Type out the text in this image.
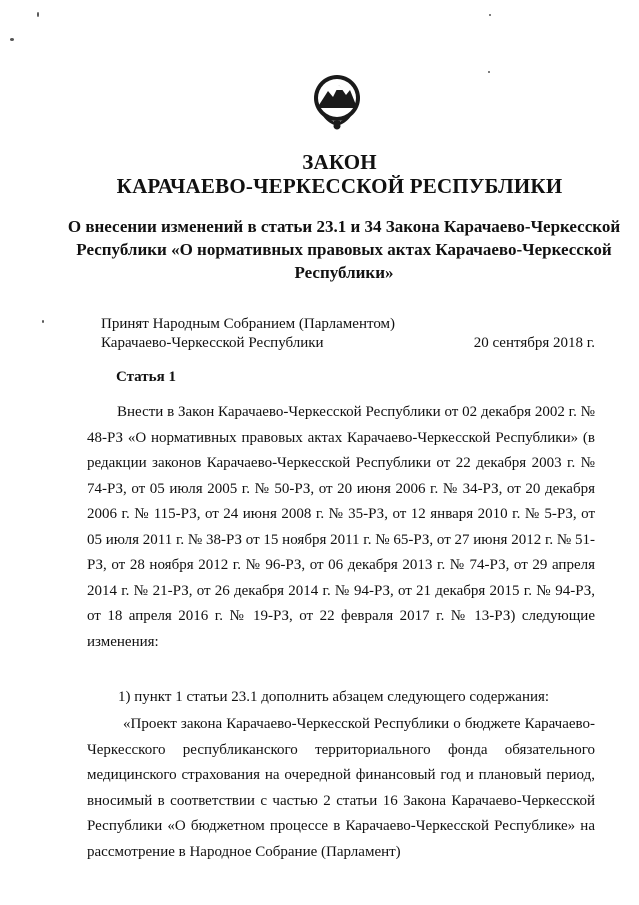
ЗАКОН
КАРАЧАЕВО-ЧЕРКЕССКОЙ РЕСПУБЛИКИ
О внесении изменений в статьи 23.1 и 34 Закона Карачаево-Черкесской Республики «О нормативных правовых актах Карачаево-Черкесской Республики»
Принят Народным Собранием (Парламентом)
Карачаево-Черкесской Республики	20 сентября 2018 г.
Статья 1
Внести в Закон Карачаево-Черкесской Республики от 02 декабря 2002 г. № 48-РЗ «О нормативных правовых актах Карачаево-Черкесской Республики» (в редакции законов Карачаево-Черкесской Республики от 22 декабря 2003 г. № 74-РЗ, от 05 июля 2005 г. № 50-РЗ, от 20 июня 2006 г. № 34-РЗ, от 20 декабря 2006 г. № 115-РЗ, от 24 июня 2008 г. № 35-РЗ, от 12 января 2010 г. № 5-РЗ, от 05 июля 2011 г. № 38-РЗ от 15 ноября 2011 г. № 65-РЗ, от 27 июня 2012 г. № 51-РЗ, от 28 ноября 2012 г. № 96-РЗ, от 06 декабря 2013 г. № 74-РЗ, от 29 апреля 2014 г. № 21-РЗ, от 26 декабря 2014 г. № 94-РЗ, от 21 декабря 2015 г. № 94-РЗ, от 18 апреля 2016 г. № 19-РЗ, от 22 февраля 2017 г. № 13-РЗ) следующие изменения:
1) пункт 1 статьи 23.1 дополнить абзацем следующего содержания:
«Проект закона Карачаево-Черкесской Республики о бюджете Карачаево-Черкесского республиканского территориального фонда обязательного медицинского страхования на очередной финансовый год и плановый период, вносимый в соответствии с частью 2 статьи 16 Закона Карачаево-Черкесской Республики «О бюджетном процессе в Карачаево-Черкесской Республике» на рассмотрение в Народное Собрание (Парламент)
